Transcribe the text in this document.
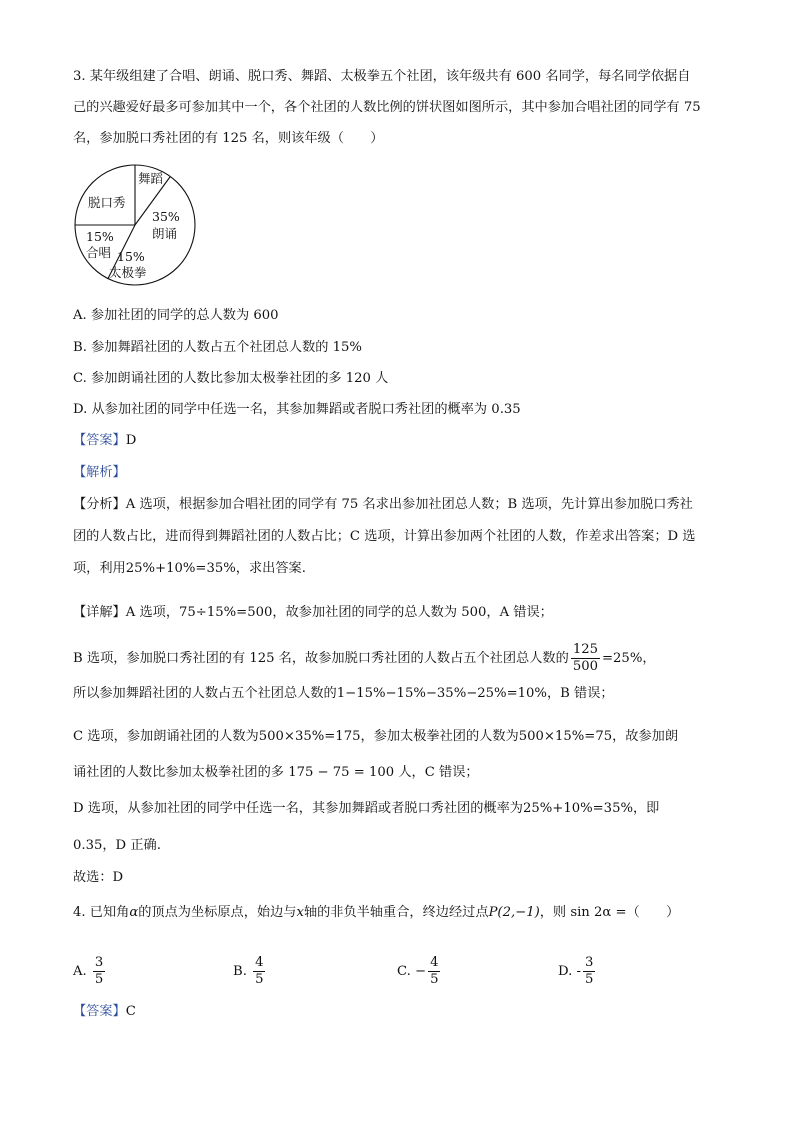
3. 某年级组建了合唱、朗诵、脱口秀、舞蹈、太极拳五个社团，该年级共有 600 名同学，每名同学依据自
己的兴趣爱好最多可参加其中一个，各个社团的人数比例的饼状图如图所示，其中参加合唱社团的同学有 75
名，参加脱口秀社团的有 125 名，则该年级（　　）
舞蹈
脱口秀
35%
朗诵
15%
合唱 15%
太极拳
A. 参加社团的同学的总人数为 600
B. 参加舞蹈社团的人数占五个社团总人数的 15%
C. 参加朗诵社团的人数比参加太极拳社团的多 120 人
D. 从参加社团的同学中任选一名，其参加舞蹈或者脱口秀社团的概率为 0.35
【答案】D
【解析】
【分析】A 选项，根据参加合唱社团的同学有 75 名求出参加社团总人数；B 选项，先计算出参加脱口秀社
团的人数占比，进而得到舞蹈社团的人数占比；C 选项，计算出参加两个社团的人数，作差求出答案；D 选
项，利用25%+10%=35%，求出答案.
【详解】A 选项，75÷15%=500，故参加社团的同学的总人数为 500，A 错误；
B 选项，参加脱口秀社团的有 125 名，故参加脱口秀社团的人数占五个社团总人数的 $\frac{125}{500} =25\%$，
所以参加舞蹈社团的人数占五个社团总人数的1−15%−15%−35%−25%=10%，B 错误；
C 选项，参加朗诵社团的人数为500×35%=175，参加太极拳社团的人数为500×15%=75，故参加朗
诵社团的人数比参加太极拳社团的多 175 − 75 = 100 人，C 错误；
D 选项，从参加社团的同学中任选一名，其参加舞蹈或者脱口秀社团的概率为25%+10%=35%，即
0.35，D 正确.
故选：D
4. 已知角α的顶点为坐标原点，始边与x轴的非负半轴重合，终边经过点P(2,−1)，则 sin 2α =（　　）
A. $\frac{3}{5}$	B. $\frac{4}{5}$	C. − $\frac{4}{5}$	D. - $\frac{3}{5}$
【答案】C
